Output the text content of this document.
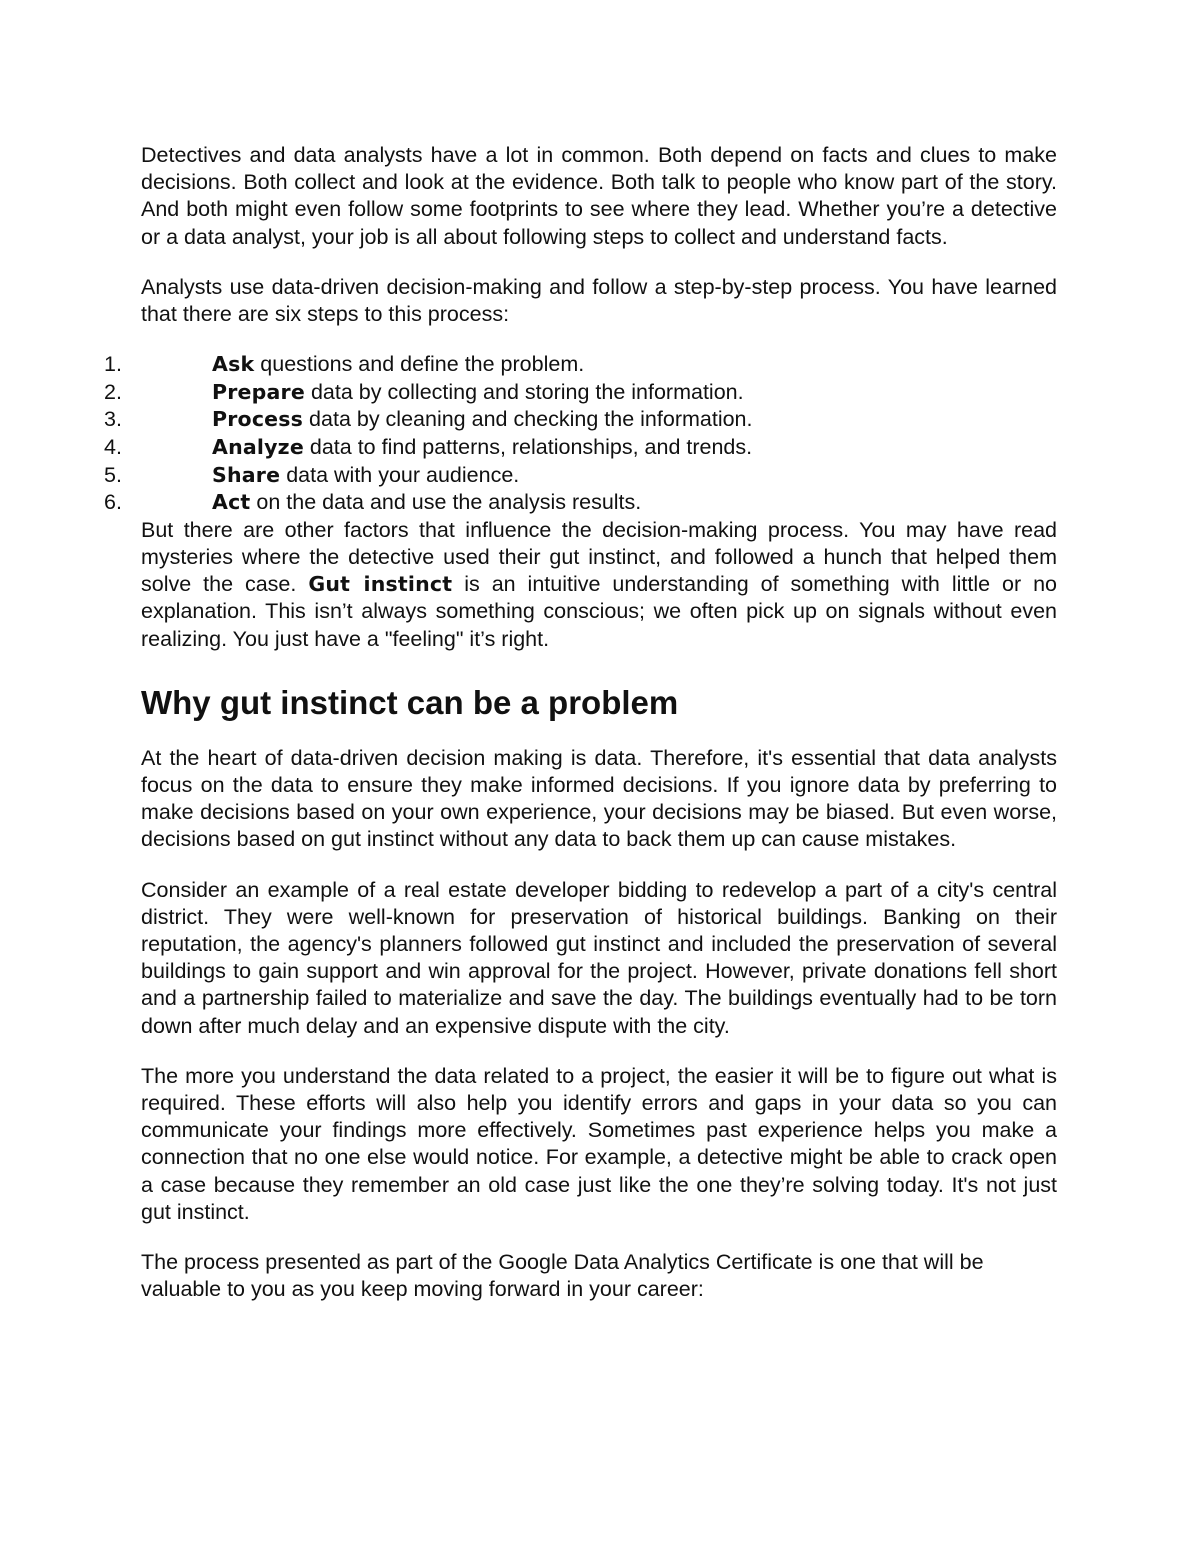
Detectives and data analysts have a lot in common. Both depend on facts and clues to make decisions. Both collect and look at the evidence. Both talk to people who know part of the story. And both might even follow some footprints to see where they lead. Whether you’re a detective or a data analyst, your job is all about following steps to collect and understand facts.

Analysts use data-driven decision-making and follow a step-by-step process. You have learned that there are six steps to this process:

1.	Ask questions and define the problem.
2.	Prepare data by collecting and storing the information.
3.	Process data by cleaning and checking the information.
4.	Analyze data to find patterns, relationships, and trends.
5.	Share data with your audience.
6.	Act on the data and use the analysis results.

But there are other factors that influence the decision-making process. You may have read mysteries where the detective used their gut instinct, and followed a hunch that helped them solve the case. Gut instinct is an intuitive understanding of something with little or no explanation. This isn’t always something conscious; we often pick up on signals without even realizing. You just have a "feeling" it’s right.

Why gut instinct can be a problem

At the heart of data-driven decision making is data. Therefore, it's essential that data analysts focus on the data to ensure they make informed decisions. If you ignore data by preferring to make decisions based on your own experience, your decisions may be biased. But even worse, decisions based on gut instinct without any data to back them up can cause mistakes.

Consider an example of a real estate developer bidding to redevelop a part of a city's central district. They were well-known for preservation of historical buildings. Banking on their reputation, the agency's planners followed gut instinct and included the preservation of several buildings to gain support and win approval for the project. However, private donations fell short and a partnership failed to materialize and save the day. The buildings eventually had to be torn down after much delay and an expensive dispute with the city.

The more you understand the data related to a project, the easier it will be to figure out what is required. These efforts will also help you identify errors and gaps in your data so you can communicate your findings more effectively. Sometimes past experience helps you make a connection that no one else would notice. For example, a detective might be able to crack open a case because they remember an old case just like the one they’re solving today. It's not just gut instinct.

The process presented as part of the Google Data Analytics Certificate is one that will be valuable to you as you keep moving forward in your career:
